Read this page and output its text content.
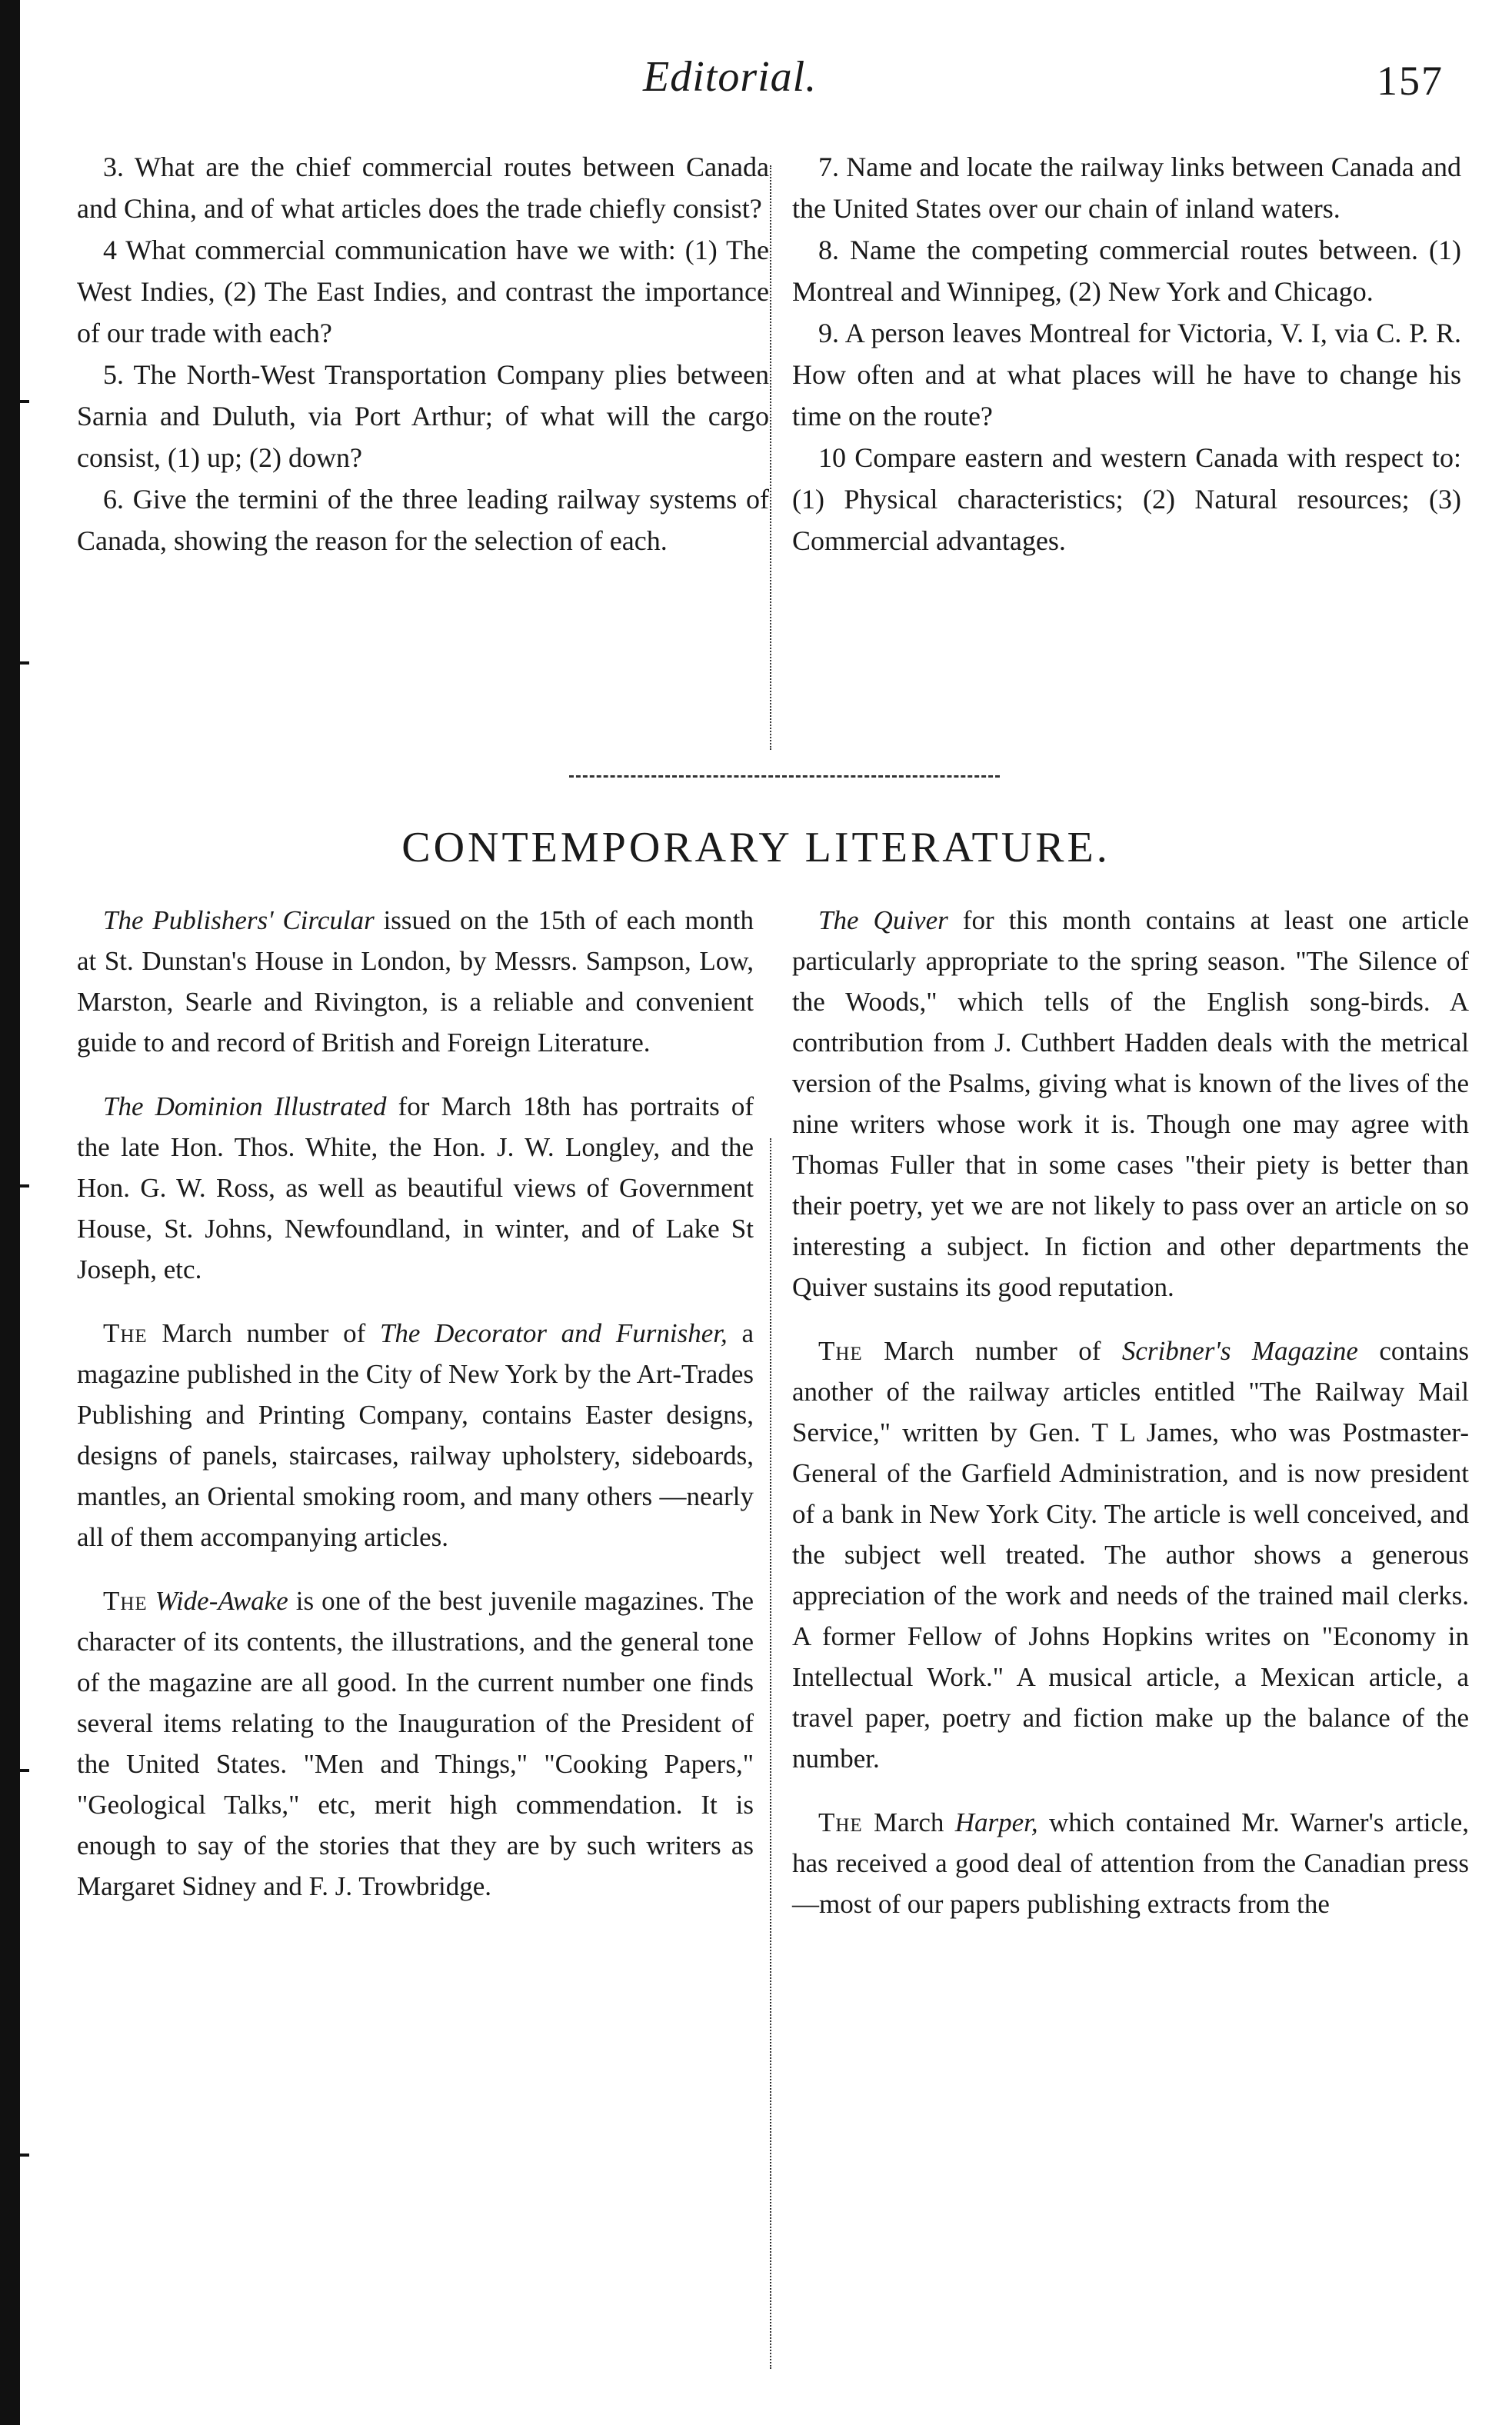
Editorial.	157

3. What are the chief commercial routes between Canada and China, and of what articles does the trade chiefly consist?

4 What commercial communication have we with: (1) The West Indies, (2) The East Indies, and contrast the importance of our trade with each?

5. The North-West Transportation Company plies between Sarnia and Duluth, via Port Arthur; of what will the cargo consist, (1) up; (2) down?

6. Give the termini of the three leading railway systems of Canada, showing the reason for the selection of each.

7. Name and locate the railway links between Canada and the United States over our chain of inland waters.

8. Name the competing commercial routes between. (1) Montreal and Winnipeg, (2) New York and Chicago.

9. A person leaves Montreal for Victoria, V. I, via C. P. R. How often and at what places will he have to change his time on the route?

10 Compare eastern and western Canada with respect to: (1) Physical characteristics; (2) Natural resources; (3) Commercial advantages.

CONTEMPORARY LITERATURE.

The Publishers' Circular issued on the 15th of each month at St. Dunstan's House in London, by Messrs. Sampson, Low, Marston, Searle and Rivington, is a reliable and convenient guide to and record of British and Foreign Literature.

The Dominion Illustrated for March 18th has portraits of the late Hon. Thos. White, the Hon. J. W. Longley, and the Hon. G. W. Ross, as well as beautiful views of Government House, St. Johns, Newfoundland, in winter, and of Lake St Joseph, etc.

The March number of The Decorator and Furnisher, a magazine published in the City of New York by the Art-Trades Publishing and Printing Company, contains Easter designs, designs of panels, staircases, railway upholstery, sideboards, mantles, an Oriental smoking room, and many others —nearly all of them accompanying articles.

The Wide-Awake is one of the best juvenile magazines. The character of its contents, the illustrations, and the general tone of the magazine are all good. In the current number one finds several items relating to the Inauguration of the President of the United States. "Men and Things," "Cooking Papers," "Geological Talks," etc, merit high commendation. It is enough to say of the stories that they are by such writers as Margaret Sidney and F. J. Trowbridge.

The Quiver for this month contains at least one article particularly appropriate to the spring season. "The Silence of the Woods," which tells of the English song-birds. A contribution from J. Cuthbert Hadden deals with the metrical version of the Psalms, giving what is known of the lives of the nine writers whose work it is. Though one may agree with Thomas Fuller that in some cases "their piety is better than their poetry, yet we are not likely to pass over an article on so interesting a subject. In fiction and other departments the Quiver sustains its good reputation.

The March number of Scribner's Magazine contains another of the railway articles entitled "The Railway Mail Service," written by Gen. T L James, who was Postmaster-General of the Garfield Administration, and is now president of a bank in New York City. The article is well conceived, and the subject well treated. The author shows a generous appreciation of the work and needs of the trained mail clerks. A former Fellow of Johns Hopkins writes on "Economy in Intellectual Work." A musical article, a Mexican article, a travel paper, poetry and fiction make up the balance of the number.

The March Harper, which contained Mr. Warner's article, has received a good deal of attention from the Canadian press—most of our papers publishing extracts from the
